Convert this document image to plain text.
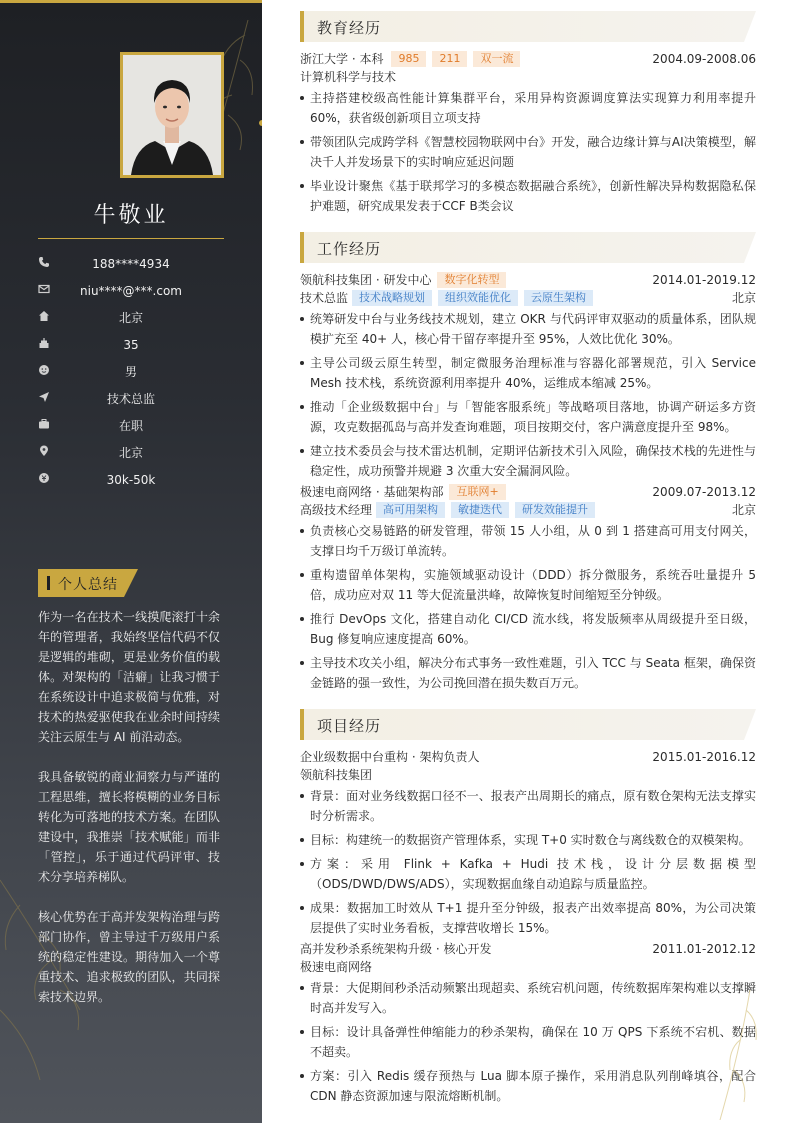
牛敬业
188****4934
niu****@***.com
北京
35
男
技术总监
在职
北京
30k-50k
个人总结

作为一名在技术一线摸爬滚打十余年的管理者，我始终坚信代码不仅是逻辑的堆砌，更是业务价值的载体。对架构的「洁癖」让我习惯于在系统设计中追求极简与优雅，对技术的热爱驱使我在业余时间持续关注云原生与 AI 前沿动态。

我具备敏锐的商业洞察力与严谨的工程思维，擅长将模糊的业务目标转化为可落地的技术方案。在团队建设中，我推崇「技术赋能」而非「管控」，乐于通过代码评审、技术分享培养梯队。

核心优势在于高并发架构治理与跨部门协作，曾主导过千万级用户系统的稳定性建设。期待加入一个尊重技术、追求极致的团队，共同探索技术边界。

教育经历
浙江大学 · 本科	985	211	双一流	2004.09-2008.06
计算机科学与技术
主持搭建校级高性能计算集群平台，采用异构资源调度算法实现算力利用率提升60%，获省级创新项目立项支持
带领团队完成跨学科《智慧校园物联网中台》开发，融合边缘计算与AI决策模型，解决千人并发场景下的实时响应延迟问题
毕业设计聚焦《基于联邦学习的多模态数据融合系统》，创新性解决异构数据隐私保护难题，研究成果发表于CCF B类会议
工作经历
领航科技集团 · 研发中心	数字化转型	2014.01-2019.12
技术总监	技术战略规划	组织效能优化	云原生架构	北京
统筹研发中台与业务线技术规划，建立 OKR 与代码评审双驱动的质量体系，团队规模扩充至 40+ 人，核心骨干留存率提升至 95%，人效比优化 30%。
主导公司级云原生转型，制定微服务治理标准与容器化部署规范，引入 Service Mesh 技术栈，系统资源利用率提升 40%，运维成本缩减 25%。
推动「企业级数据中台」与「智能客服系统」等战略项目落地，协调产研运多方资源，攻克数据孤岛与高并发查询难题，项目按期交付，客户满意度提升至 98%。
建立技术委员会与技术雷达机制，定期评估新技术引入风险，确保技术栈的先进性与稳定性，成功预警并规避 3 次重大安全漏洞风险。
极速电商网络 · 基础架构部	互联网+	2009.07-2013.12
高级技术经理	高可用架构	敏捷迭代	研发效能提升	北京
负责核心交易链路的研发管理，带领 15 人小组，从 0 到 1 搭建高可用支付网关，支撑日均千万级订单流转。
重构遗留单体架构，实施领域驱动设计（DDD）拆分微服务，系统吞吐量提升 5 倍，成功应对双 11 等大促流量洪峰，故障恢复时间缩短至分钟级。
推行 DevOps 文化，搭建自动化 CI/CD 流水线，将发版频率从周级提升至日级，Bug 修复响应速度提高 60%。
主导技术攻关小组，解决分布式事务一致性难题，引入 TCC 与 Seata 框架，确保资金链路的强一致性，为公司挽回潜在损失数百万元。
项目经历
企业级数据中台重构 · 架构负责人	2015.01-2016.12
领航科技集团
背景：面对业务线数据口径不一、报表产出周期长的痛点，原有数仓架构无法支撑实时分析需求。
目标：构建统一的数据资产管理体系，实现 T+0 实时数仓与离线数仓的双模架构。
方案：采用 Flink + Kafka + Hudi 技术栈，设计分层数据模型（ODS/DWD/DWS/ADS），实现数据血缘自动追踪与质量监控。
成果：数据加工时效从 T+1 提升至分钟级，报表产出效率提高 80%，为公司决策层提供了实时业务看板，支撑营收增长 15%。
高并发秒杀系统架构升级 · 核心开发	2011.01-2012.12
极速电商网络
背景：大促期间秒杀活动频繁出现超卖、系统宕机问题，传统数据库架构难以支撑瞬时高并发写入。
目标：设计具备弹性伸缩能力的秒杀架构，确保在 10 万 QPS 下系统不宕机、数据不超卖。
方案：引入 Redis 缓存预热与 Lua 脚本原子操作，采用消息队列削峰填谷，配合 CDN 静态资源加速与限流熔断机制。
